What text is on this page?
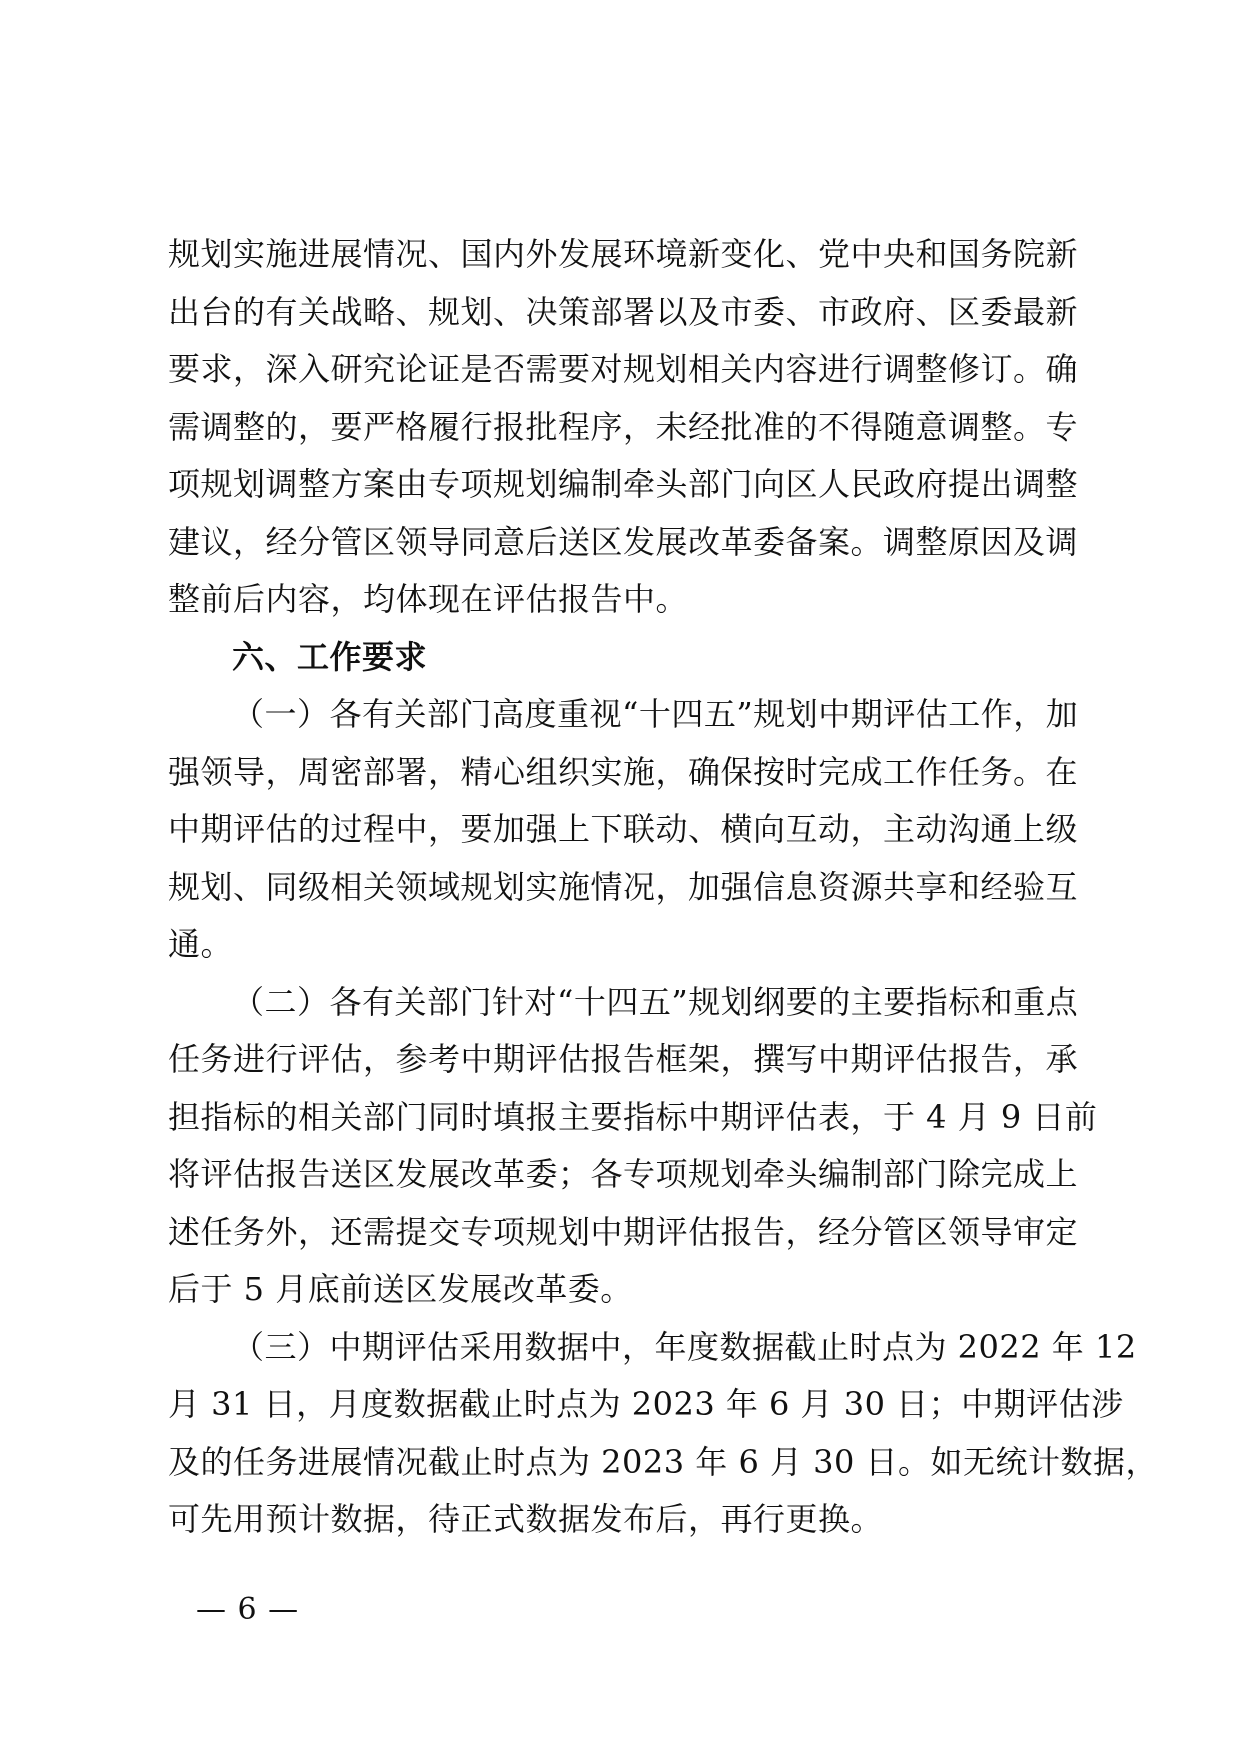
规划实施进展情况、国内外发展环境新变化、党中央和国务院新
出台的有关战略、规划、决策部署以及市委、市政府、区委最新
要求，深入研究论证是否需要对规划相关内容进行调整修订。确
需调整的，要严格履行报批程序，未经批准的不得随意调整。专
项规划调整方案由专项规划编制牵头部门向区人民政府提出调整
建议，经分管区领导同意后送区发展改革委备案。调整原因及调
整前后内容，均体现在评估报告中。
六、工作要求
（一）各有关部门高度重视“十四五”规划中期评估工作，加
强领导，周密部署，精心组织实施，确保按时完成工作任务。在
中期评估的过程中，要加强上下联动、横向互动，主动沟通上级
规划、同级相关领域规划实施情况，加强信息资源共享和经验互
通。
（二）各有关部门针对“十四五”规划纲要的主要指标和重点
任务进行评估，参考中期评估报告框架，撰写中期评估报告，承
担指标的相关部门同时填报主要指标中期评估表，于 4 月 9 日前
将评估报告送区发展改革委；各专项规划牵头编制部门除完成上
述任务外，还需提交专项规划中期评估报告，经分管区领导审定
后于 5 月底前送区发展改革委。
（三）中期评估采用数据中，年度数据截止时点为 2022 年 12
月 31 日，月度数据截止时点为 2023 年 6 月 30 日；中期评估涉
及的任务进展情况截止时点为 2023 年 6 月 30 日。如无统计数据，
可先用预计数据，待正式数据发布后，再行更换。
— 6 —
